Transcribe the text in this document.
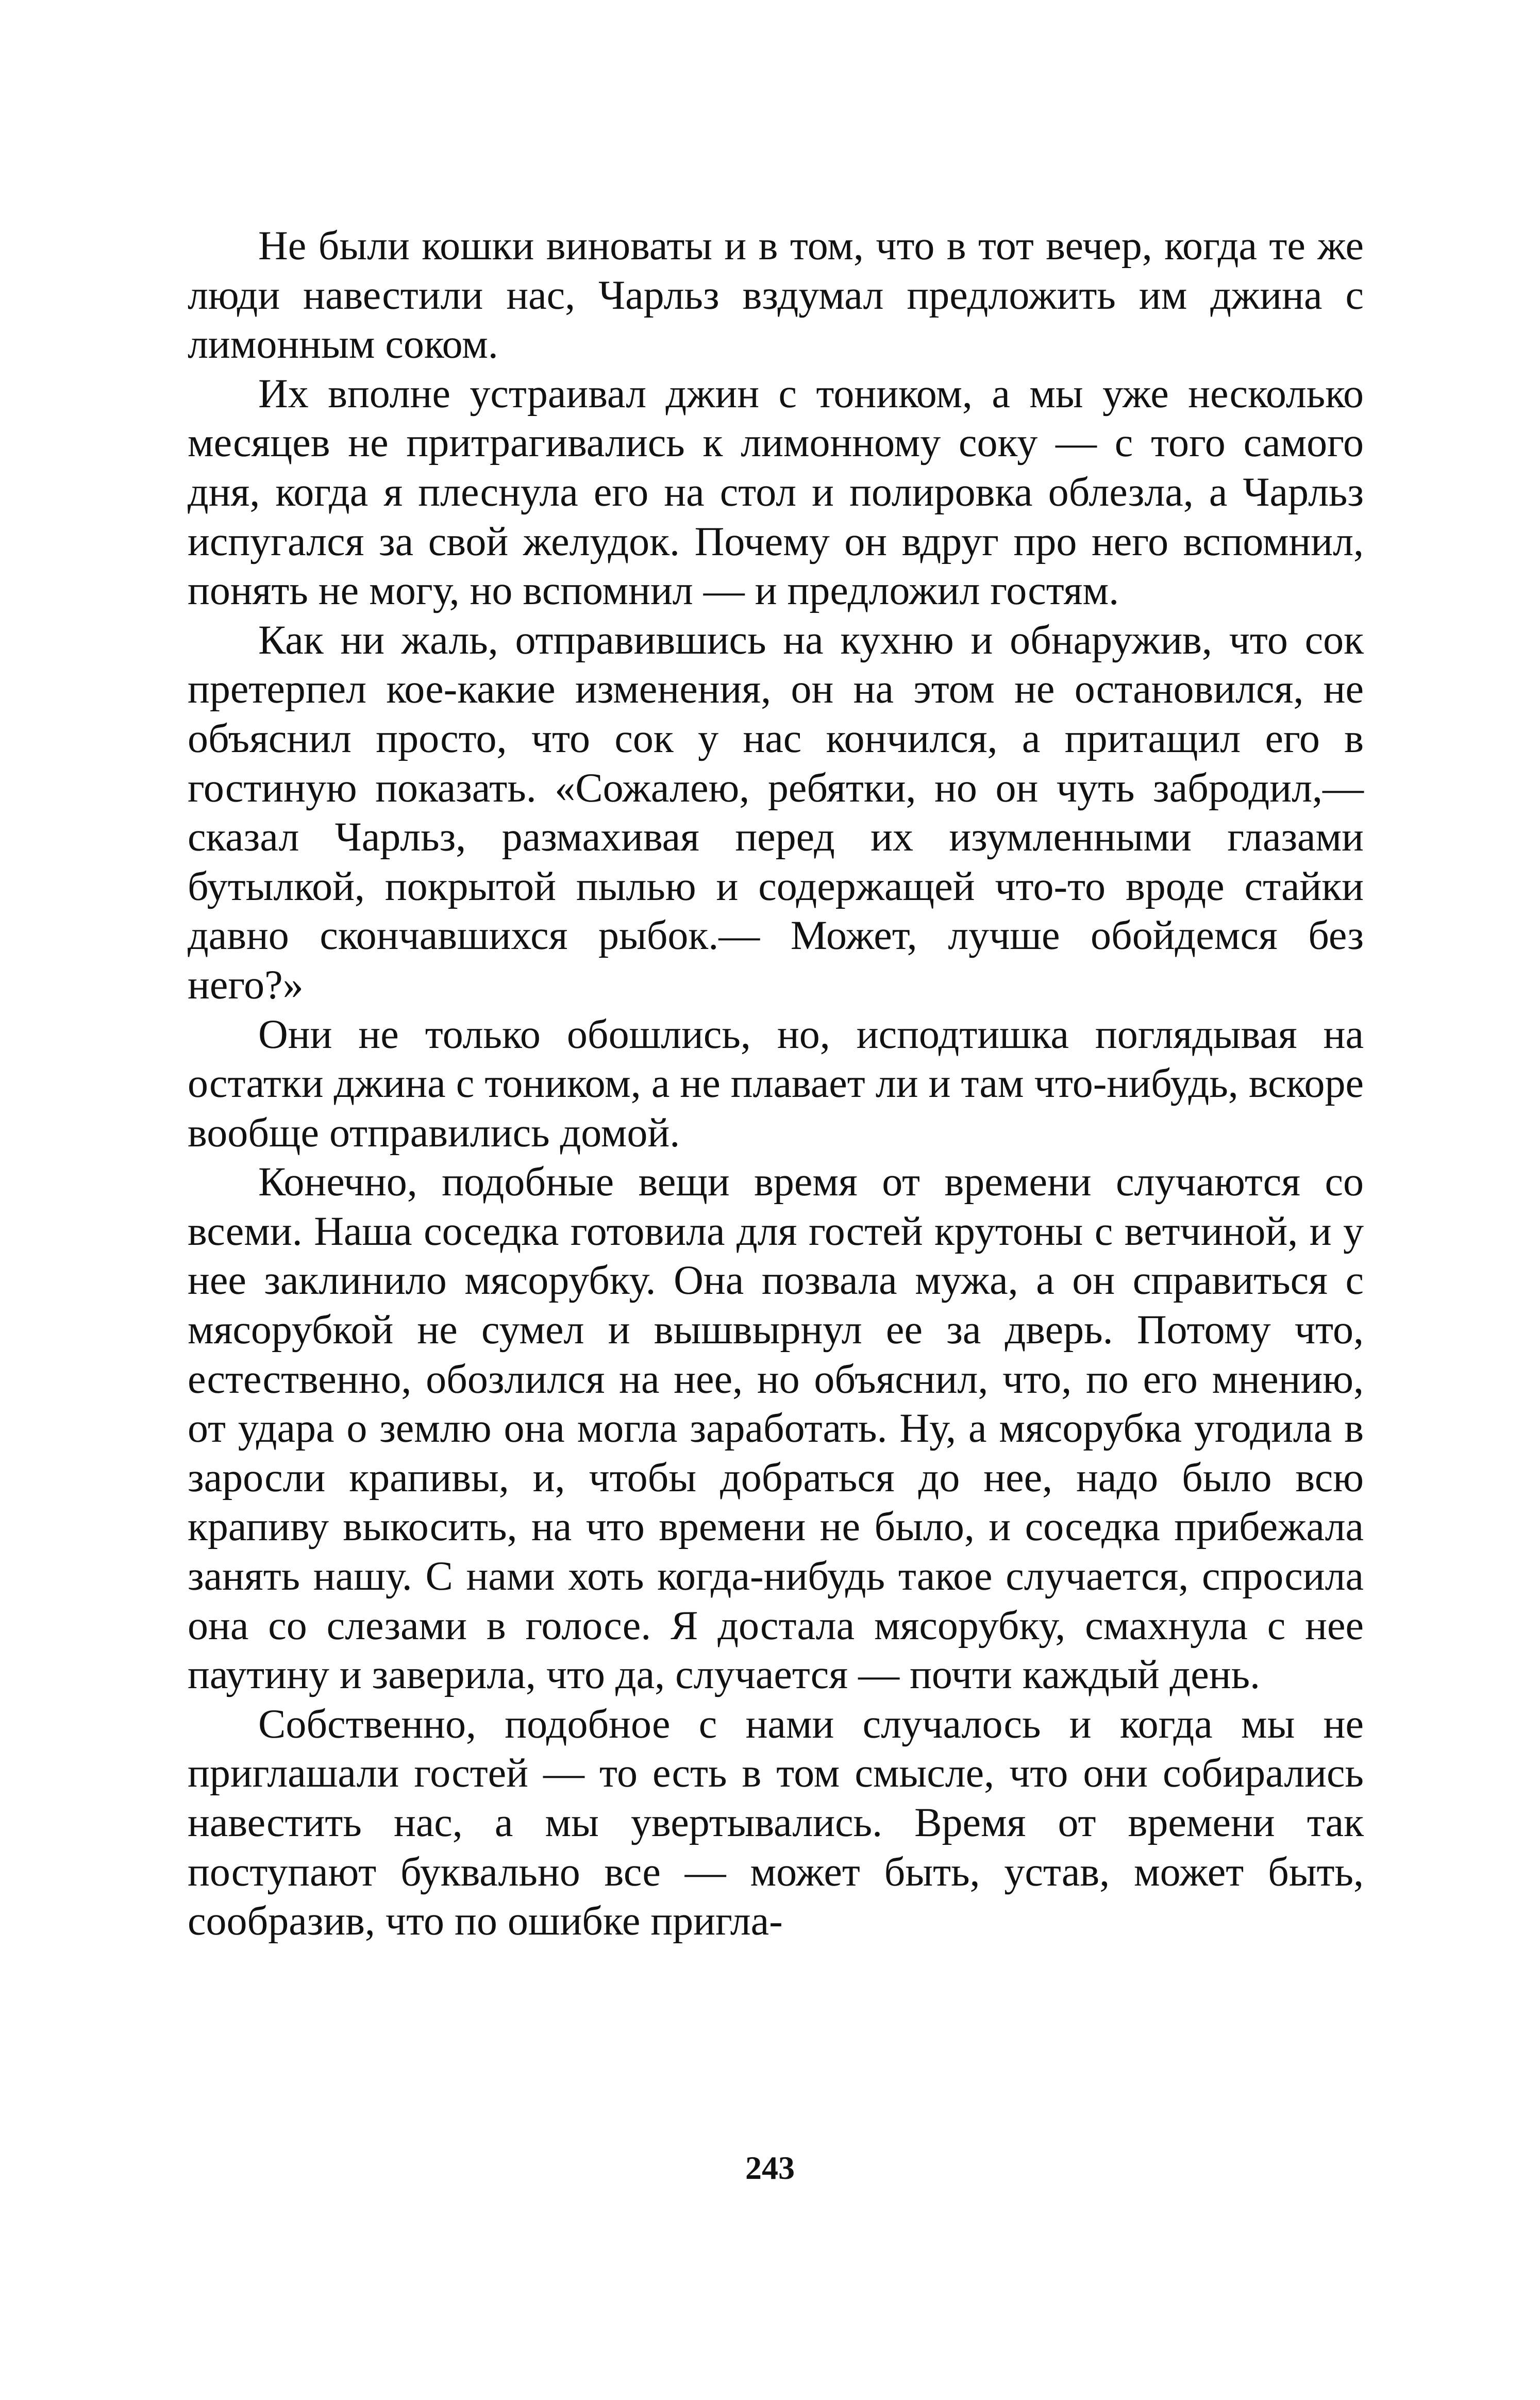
Не были кошки виноваты и в том, что в тот вечер, когда те же люди навестили нас, Чарльз вздумал предложить им джина с лимонным соком.

Их вполне устраивал джин с тоником, а мы уже несколько месяцев не притрагивались к лимонному соку — с того самого дня, когда я плеснула его на стол и полировка облезла, а Чарльз испугался за свой желудок. Почему он вдруг про него вспомнил, понять не могу, но вспомнил — и предложил гостям.

Как ни жаль, отправившись на кухню и обнаружив, что сок претерпел кое-какие изменения, он на этом не остановился, не объяснил просто, что сок у нас кончился, а притащил его в гостиную показать. «Сожалею, ребятки, но он чуть забродил,— сказал Чарльз, размахивая перед их изумленными глазами бутылкой, покрытой пылью и содержащей что-то вроде стайки давно скончавшихся рыбок.— Может, лучше обойдемся без него?»

Они не только обошлись, но, исподтишка поглядывая на остатки джина с тоником, а не плавает ли и там что-нибудь, вскоре вообще отправились домой.

Конечно, подобные вещи время от времени случаются со всеми. Наша соседка готовила для гостей крутоны с ветчиной, и у нее заклинило мясорубку. Она позвала мужа, а он справиться с мясорубкой не сумел и вышвырнул ее за дверь. Потому что, естественно, обозлился на нее, но объяснил, что, по его мнению, от удара о землю она могла заработать. Ну, а мясорубка угодила в заросли крапивы, и, чтобы добраться до нее, надо было всю крапиву выкосить, на что времени не было, и соседка прибежала занять нашу. С нами хоть когда-нибудь такое случается, спросила она со слезами в голосе. Я достала мясорубку, смахнула с нее паутину и заверила, что да, случается — почти каждый день.

Собственно, подобное с нами случалось и когда мы не приглашали гостей — то есть в том смысле, что они собирались навестить нас, а мы увертывались. Время от времени так поступают буквально все — может быть, устав, может быть, сообразив, что по ошибке пригла-

243
